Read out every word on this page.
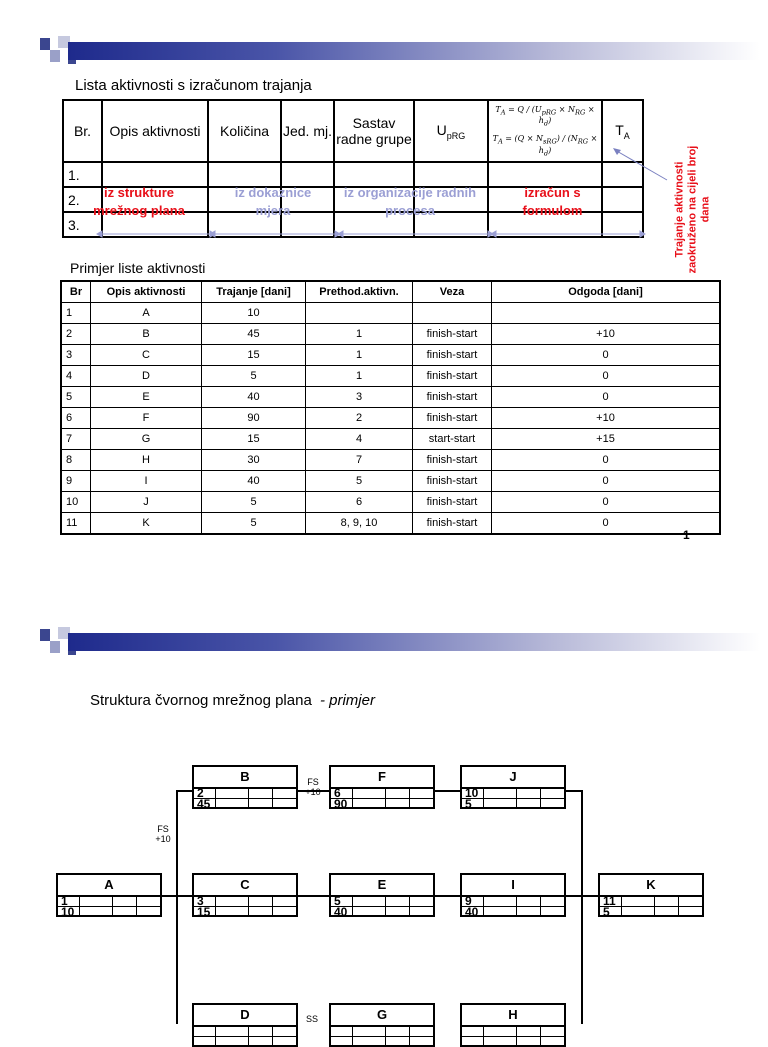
Lista aktivnosti s izračunom trajanja
Br.	Opis aktivnosti	Količina	Jed. mj.	Sastav radne grupe	$U_{pRG}$	$T_A = Q / (U_{pRG} \times N_{RG} \times h_d)$
$T_A = (Q \times N_{sRG}) / (N_{RG} \times h_d)$	$T_A$
1.							
2.							
3.							
iz strukture mrežnog plana
iz dokaznice mjera
iz organizacije radnih procesa
izračun s formulom	Trajanje aktivnosti zaokruženo na cijeli broj dana
Primjer liste aktivnosti
Br	Opis aktivnosti	Trajanje [dani]	Prethod.aktivn.	Veza	Odgoda [dani]
1	A	10			
2	B	45	1	finish-start	+10
3	C	15	1	finish-start	0
4	D	5	1	finish-start	0
5	E	40	3	finish-start	0
6	F	90	2	finish-start	+10
7	G	15	4	start-start	+15
8	H	30	7	finish-start	0
9	I	40	5	finish-start	0
10	J	5	6	finish-start	0
11	K	5	8, 9, 10	finish-start	0
1
Struktura čvornog mrežnog plana - primjer
FS
+10
FS
+10
SS
A
1
10
B
2
45
C
3
15
D
F
6
90
E
5
40
G
J
10
5
I
9
40
H
K
11
5
